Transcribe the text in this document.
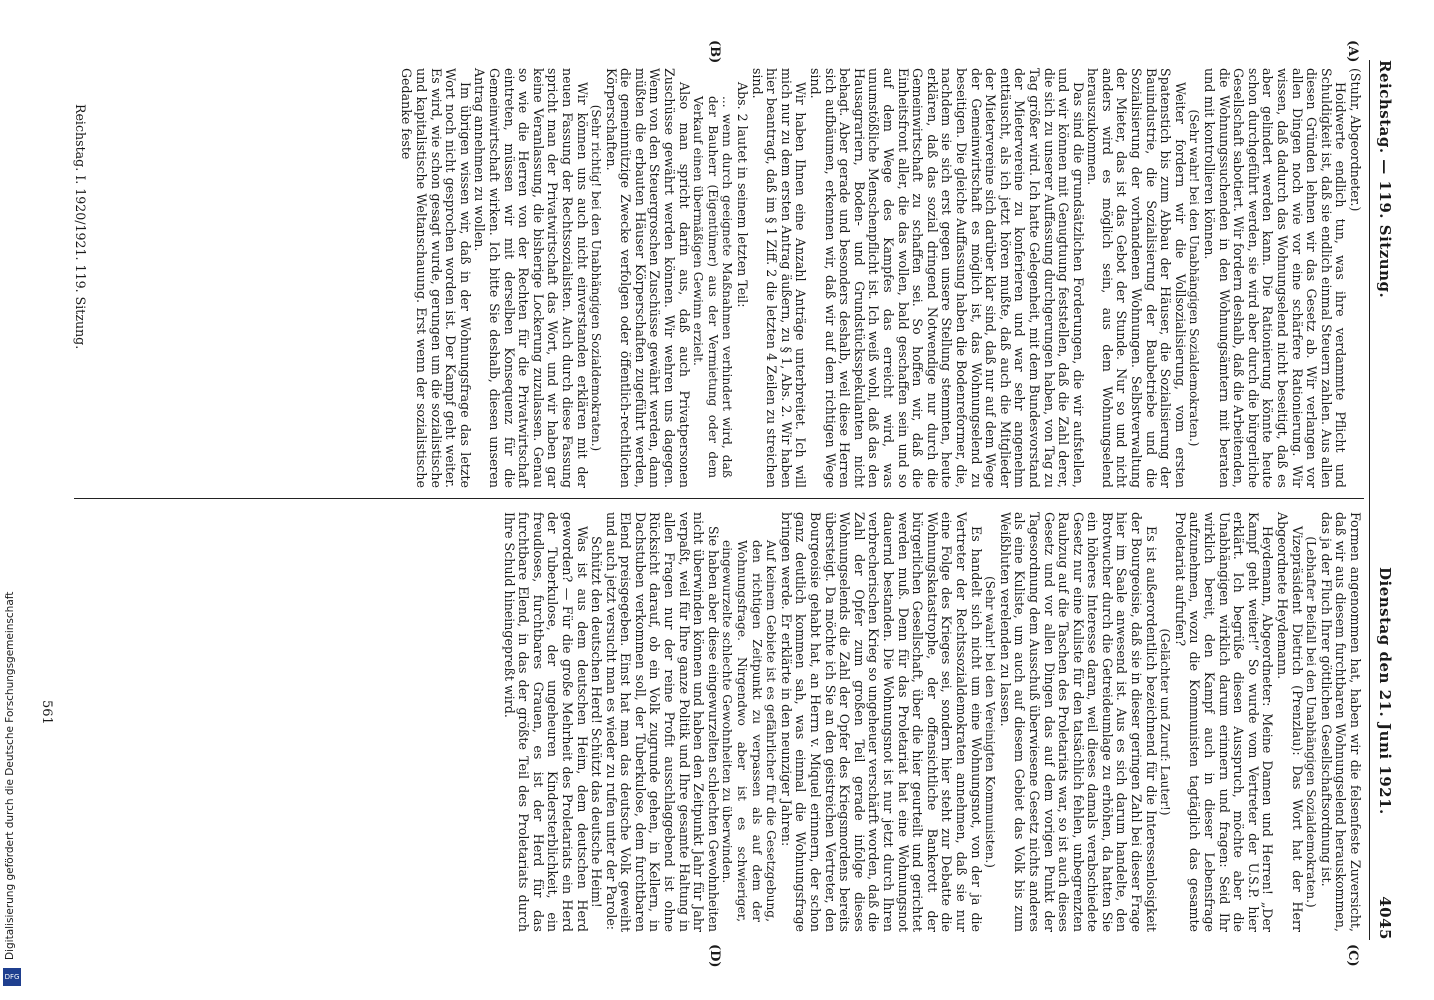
Reichstag. — 119. Sitzung.
Dienstag den 21. Juni 1921.  4045
(A)
(B)
(C)
(D)

(Stuhr, Abgeordneter.)

Hoidwerte endlich tun, was ihre verdammte Pflicht und Schuldigkeit ist, daß sie endlich einmal Steuern zahlen. Aus allen diesen Gründen lehnen wir das Gesetz ab. Wir verlangen vor allen Dingen noch wie vor eine schärfere Rationierung. Wir wissen, daß dadurch das Wohnungselend nicht beseitigt, daß es aber gelindert werden kann. Die Rationierung könnte heute schon durchgeführt werden, sie wird aber durch die bürgerliche Gesellschaft sabotiert. Wir fordern deshalb, daß die Arbeitenden, die Wohnungssuchenden in den Wohnungsämtern mit beraten und mit kontrollieren können.

(Sehr wahr! bei den Unabhängigen Sozialdemokraten.)

Weiter fordern wir die Vollsozialisierung, vom ersten Spatenstich bis zum Abbau der Häuser, die Sozialisierung der Bauindustrie, die Sozialisierung der Baubetriebe und die Sozialisierung der vorhandenen Wohnungen. Selbstverwaltung der Mieter, das ist das Gebot der Stunde. Nur so und nicht anders wird es möglich sein, aus dem Wohnungselend herauszukommen.

Das sind die grundsätzlichen Forderungen, die wir aufstellen, und wir können mit Genugtuung feststellen, daß die Zahl derer, die sich zu unserer Auffassung durchgerungen haben, von Tag zu Tag größer wird. Ich hatte Gelegenheit, mit dem Bundesvorstand der Mietervereine zu konferieren und war sehr angenehm enttäuscht, als ich jetzt hören mußte, daß auch die Mitglieder der Mietervereine sich darüber klar sind, daß nur auf dem Wege der Gemeinwirtschaft es möglich ist, das Wohnungselend zu beseitigen. Die gleiche Auffassung haben die Bodenreformer, die, nachdem sie sich erst gegen unsere Stellung stemmten, heute erklären, daß das sozial dringend Notwendige nur durch die Gemeinwirtschaft zu schaffen sei. So hoffen wir, daß die Einheitsfront aller, die das wollen, bald geschaffen sein und so auf dem Wege des Kampfes das erreicht wird, was unumstößliche Menschenpflicht ist. Ich weiß wohl, daß das den Hausagrariern, Boden- und Grundstücksspekulanten nicht behagt. Aber gerade und besonders deshalb, weil diese Herren sich aufbäumen, erkennen wir, daß wir auf dem richtigen Wege sind.

Wir haben Ihnen eine Anzahl Anträge unterbreitet. Ich will mich nur zu dem ersten Antrag äußern, zu § 1, Abs. 2. Wir haben hier beantragt, daß im § 1 Ziff. 2 die letzten 4 Zeilen zu streichen sind.

Abs. 2 lautet in seinem letzten Teil:

... wenn durch geeignete Maßnahmen verhindert wird, daß der Bauherr (Eigentümer) aus der Vermietung oder dem Verkauf einen übermäßigen Gewinn erzielt.

Also man spricht darin aus, daß auch Privatpersonen Zuschüsse gewährt werden können. Wir wehren uns dagegen. Wenn von den Steuergroschen Zuschüsse gewährt werden, dann müßten die erbauten Häuser Körperschaften zugeführt werden, die gemeinnützige Zwecke verfolgen oder öffentlich-rechtlichen Körperschaften.

(Sehr richtig! bei den Unabhängigen Sozialdemokraten.)

Wir können uns auch nicht einverstanden erklären mit der neuen Fassung der Rechtssozialisten. Auch durch diese Fassung spricht man der Privatwirtschaft das Wort, und wir haben gar keine Veranlassung, die bisherige Lockerung zuzulassen. Genau so wie die Herren von der Rechten für die Privatwirtschaft eintreten, müssen wir mit derselben Konsequenz für die Gemeinwirtschaft wirken. Ich bitte Sie deshalb, diesen unseren Antrag annehmen zu wollen.

Im übrigen wissen wir, daß in der Wohnungsfrage das letzte Wort noch nicht gesprochen worden ist. Der Kampf geht weiter. Es wird, wie schon gesagt wurde, gerungen um die sozialistische und kapitalistische Weltanschauung. Erst wenn der sozialistische Gedanke feste

Formen angenommen hat, haben wir die felsenfeste Zuversicht, daß wir aus diesem furchtbaren Wohnungselend herauskommen, das ja der Fluch Ihrer göttlichen Gesellschaftsordnung ist.

(Lebhafter Beifall bei den Unabhängigen Sozialdemokraten.)

Vizepräsident Dietrich (Prenzlau): Das Wort hat der Herr Abgeordnete Heydemann.

Heydemann, Abgeordneter: Meine Damen und Herren! „Der Kampf geht weiter!“ So wurde vom Vertreter der U.S.P. hier erklärt. Ich begrüße diesen Ausspruch, möchte aber die Unabhängigen wirklich darum erinnern und fragen: Seid Ihr wirklich bereit, den Kampf auch in dieser Lebensfrage aufzunehmen, wozu die Kommunisten tagtäglich das gesamte Proletariat aufrufen?

(Gelächter und Zuruf: Lauter!)

Es ist außerordentlich bezeichnend für die Interessenlosigkeit der Bourgeoisie, daß sie in dieser geringen Zahl bei dieser Frage hier im Saale anwesend ist. Aus es sich darum handelte, den Brotwucher durch die Getreideumlage zu erhöhen, da hatten Sie ein höheres Interesse daran, weil dieses damals verabschiedete Gesetz nur eine Kuliste für den tatsächlich fehlen, unbegrenzten Raubzug auf die Taschen des Proletariats war, so ist auch dieses Gesetz und vor allen Dingen das auf dem vorigen Punkt der Tagesordnung dem Ausschuß überwiesene Gesetz nichts anderes als eine Kuliste, um auch auf diesem Gebiet das Volk bis zum Weißbluten verelenden zu lassen.

(Sehr wahr! bei den Vereinigten Kommunisten.)

Es handelt sich nicht um eine Wohnungsnot, von der ja die Vertreter der Rechtssozialdemokraten annehmen, daß sie nur eine Folge des Krieges sei, sondern hier steht zur Debatte die Wohnungskatastrophe, der offensichtliche Bankerott der bürgerlichen Gesellschaft, über die hier geurteilt und gerichtet werden muß. Denn für das Proletariat hat eine Wohnungsnot dauernd bestanden. Die Wohnungsnot ist nur jetzt durch Ihren verbrecherischen Krieg so ungeheuer verschärft worden, daß die Zahl der Opfer zum großen Teil gerade infolge dieses Wohnungselends die Zahl der Opfer des Kriegsmordens bereits übersteigt. Da möchte ich Sie an den geistreichen Vertreter, den Bourgeoisie gehabt hat, an Herrn v. Miquel erinnern, der schon ganz deutlich kommen sah, was einmal die Wohnungsfrage bringen werde. Er erklärte in den neunziger Jahren:

Auf keinem Gebiete ist es gefährlicher für die Gesetzgebung, den richtigen Zeitpunkt zu verpassen als auf dem der Wohnungsfrage. Nirgendwo aber ist es schwieriger, eingewurzelte schlechte Gewohnheiten zu überwinden.

Sie haben aber diese eingewurzelten schlechten Gewohnheiten nicht überwinden können und haben den Zeitpunkt Jahr für Jahr verpaßt, weil für Ihre ganze Politik und Ihre gesamte Haltung in allen Fragen nur der reine Profit ausschlaggebend ist ohne Rücksicht darauf, ob ein Volk zugrunde gehen, in Kellern, in Dachstuben verkommen soll, der Tuberkulose, dem furchtbaren Elend preisgegeben. Einst hat man das deutsche Volk geweiht und auch jetzt versucht man es wieder zu rufen unter der Parole:

Schützt den deutschen Herd! Schützt das deutsche Heim!

Was ist aus dem deutschen Heim, dem deutschen Herd geworden? — Für die große Mehrheit des Proletariats ein Herd der Tuberkulose, der ungeheuren Kindersterblichkeit, ein freudloses, furchtbares Grauen, es ist der Herd für das furchtbare Elend, in das der größte Teil des Proletariats durch Ihre Schuld hineingepreßt wird.

Reichstag. I. 1920/1921. 119. Sitzung.
561
DFG
Digitalisierung gefördert durch die Deutsche Forschungsgemeinschaft
